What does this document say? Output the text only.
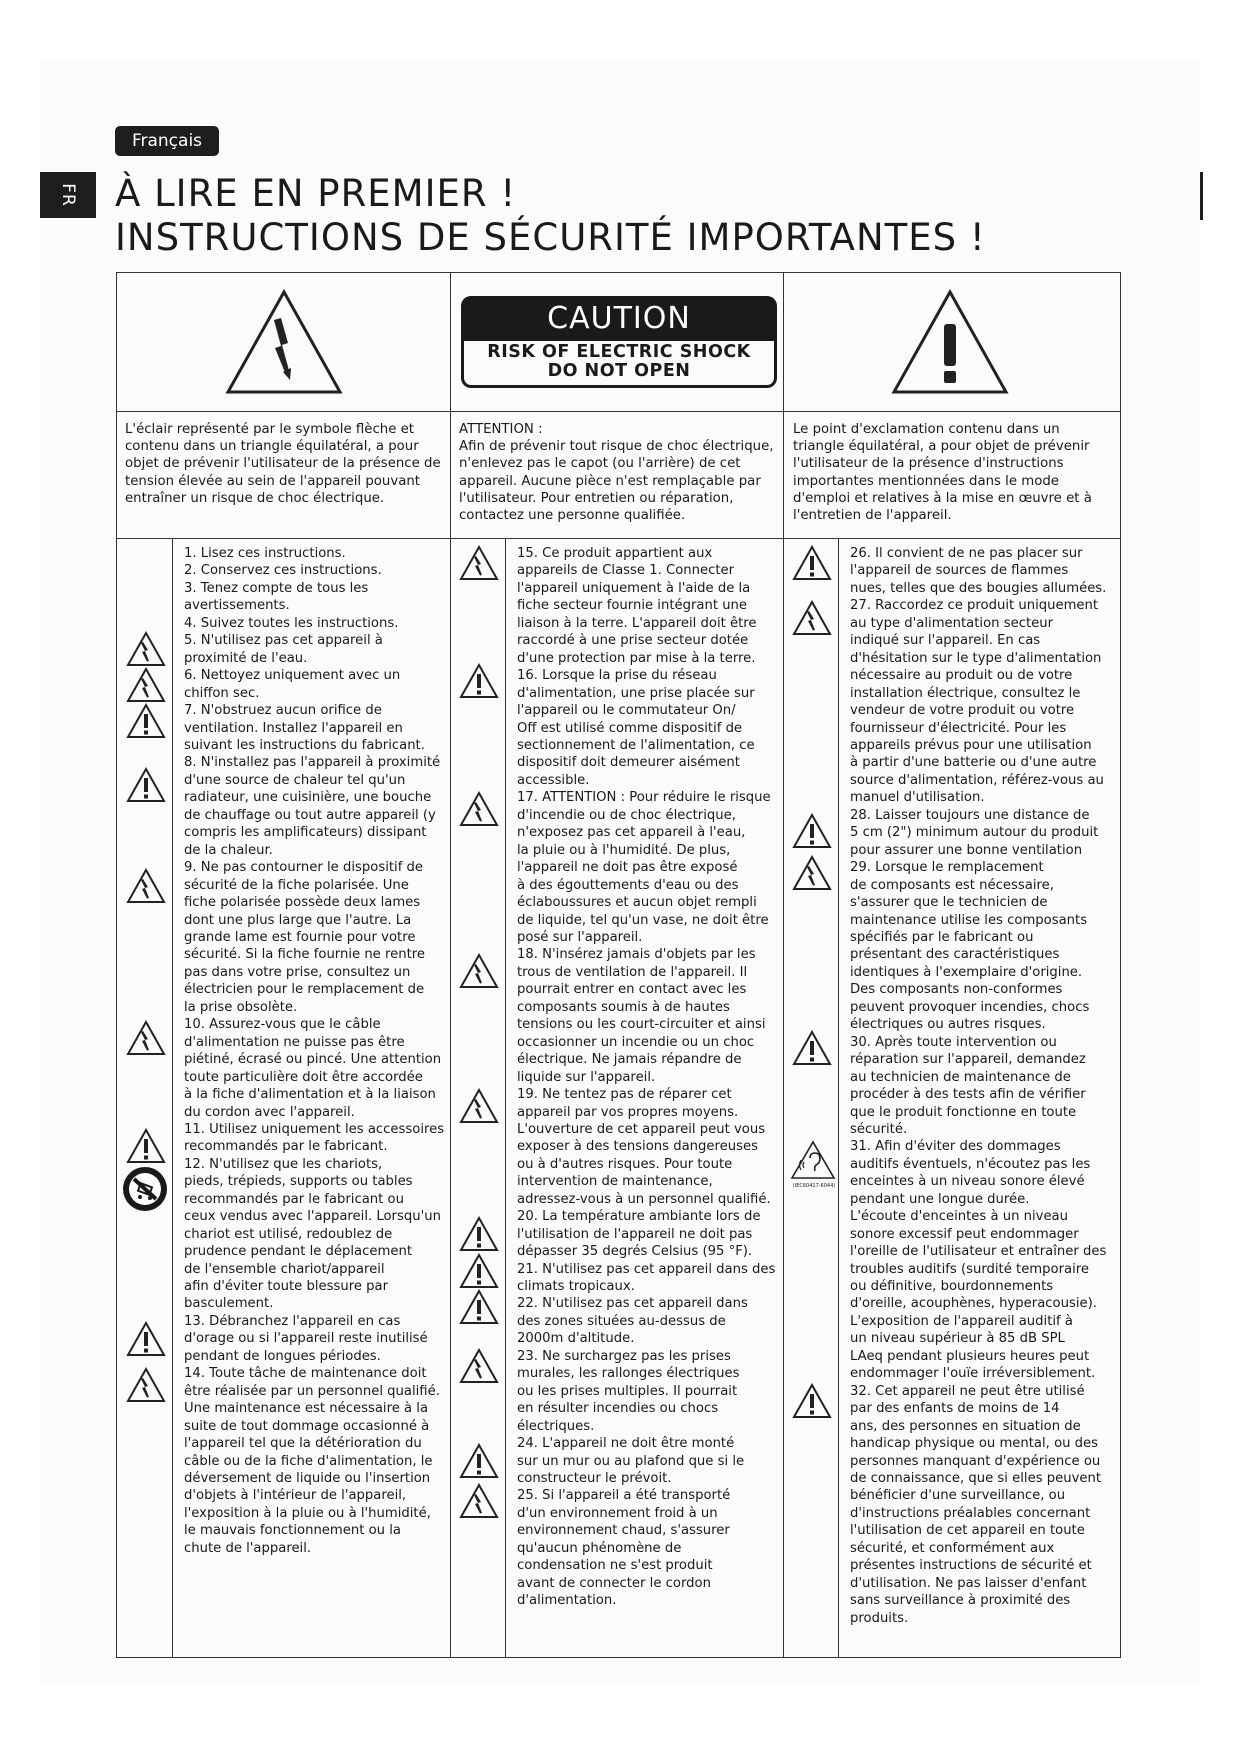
Français
FR À LIRE EN PREMIER !
INSTRUCTIONS DE SÉCURITÉ IMPORTANTES !
CAUTION
RISK OF ELECTRIC SHOCK
DO NOT OPEN
L'éclair représenté par le symbole flèche et contenu dans un triangle équilatéral, a pour objet de prévenir l'utilisateur de la présence de tension élevée au sein de l'appareil pouvant entraîner un risque de choc électrique.
ATTENTION :
Afin de prévenir tout risque de choc électrique, n'enlevez pas le capot (ou l'arrière) de cet appareil. Aucune pièce n'est remplaçable par l'utilisateur. Pour entretien ou réparation, contactez une personne qualifiée.
Le point d'exclamation contenu dans un triangle équilatéral, a pour objet de prévenir l'utilisateur de la présence d'instructions importantes mentionnées dans le mode d'emploi et relatives à la mise en œuvre et à l'entretien de l'appareil.
1. Lisez ces instructions.
2. Conservez ces instructions.
3. Tenez compte de tous les
avertissements.
4. Suivez toutes les instructions.
5. N'utilisez pas cet appareil à
proximité de l'eau.
6. Nettoyez uniquement avec un
chiffon sec.
7. N'obstruez aucun orifice de
ventilation. Installez l'appareil en
suivant les instructions du fabricant.
8. N'installez pas l'appareil à proximité
d'une source de chaleur tel qu'un
radiateur, une cuisinière, une bouche
de chauffage ou tout autre appareil (y
compris les amplificateurs) dissipant
de la chaleur.
9. Ne pas contourner le dispositif de
sécurité de la fiche polarisée. Une
fiche polarisée possède deux lames
dont une plus large que l'autre. La
grande lame est fournie pour votre
sécurité. Si la fiche fournie ne rentre
pas dans votre prise, consultez un
électricien pour le remplacement de
la prise obsolète.
10. Assurez-vous que le câble
d'alimentation ne puisse pas être
piétiné, écrasé ou pincé. Une attention
toute particulière doit être accordée
à la fiche d'alimentation et à la liaison
du cordon avec l'appareil.
11. Utilisez uniquement les accessoires
recommandés par le fabricant.
12. N'utilisez que les chariots,
pieds, trépieds, supports ou tables
recommandés par le fabricant ou
ceux vendus avec l'appareil. Lorsqu'un
chariot est utilisé, redoublez de
prudence pendant le déplacement
de l'ensemble chariot/appareil
afin d'éviter toute blessure par
basculement.
13. Débranchez l'appareil en cas
d'orage ou si l'appareil reste inutilisé
pendant de longues périodes.
14. Toute tâche de maintenance doit
être réalisée par un personnel qualifié.
Une maintenance est nécessaire à la
suite de tout dommage occasionné à
l'appareil tel que la détérioration du
câble ou de la fiche d'alimentation, le
déversement de liquide ou l'insertion
d'objets à l'intérieur de l'appareil,
l'exposition à la pluie ou à l'humidité,
le mauvais fonctionnement ou la
chute de l'appareil.
15. Ce produit appartient aux
appareils de Classe 1. Connecter
l'appareil uniquement à l'aide de la
fiche secteur fournie intégrant une
liaison à la terre. L'appareil doit être
raccordé à une prise secteur dotée
d'une protection par mise à la terre.
16. Lorsque la prise du réseau
d'alimentation, une prise placée sur
l'appareil ou le commutateur On/
Off est utilisé comme dispositif de
sectionnement de l'alimentation, ce
dispositif doit demeurer aisément
accessible.
17. ATTENTION : Pour réduire le risque
d'incendie ou de choc électrique,
n'exposez pas cet appareil à l'eau,
la pluie ou à l'humidité. De plus,
l'appareil ne doit pas être exposé
à des égouttements d'eau ou des
éclaboussures et aucun objet rempli
de liquide, tel qu'un vase, ne doit être
posé sur l'appareil.
18. N'insérez jamais d'objets par les
trous de ventilation de l'appareil. Il
pourrait entrer en contact avec les
composants soumis à de hautes
tensions ou les court-circuiter et ainsi
occasionner un incendie ou un choc
électrique. Ne jamais répandre de
liquide sur l'appareil.
19. Ne tentez pas de réparer cet
appareil par vos propres moyens.
L'ouverture de cet appareil peut vous
exposer à des tensions dangereuses
ou à d'autres risques. Pour toute
intervention de maintenance,
adressez-vous à un personnel qualifié.
20. La température ambiante lors de
l'utilisation de l'appareil ne doit pas
dépasser 35 degrés Celsius (95 °F).
21. N'utilisez pas cet appareil dans des
climats tropicaux.
22. N'utilisez pas cet appareil dans
des zones situées au-dessus de
2000m d'altitude.
23. Ne surchargez pas les prises
murales, les rallonges électriques
ou les prises multiples. Il pourrait
en résulter incendies ou chocs
électriques.
24. L'appareil ne doit être monté
sur un mur ou au plafond que si le
constructeur le prévoit.
25. Si l'appareil a été transporté
d'un environnement froid à un
environnement chaud, s'assurer
qu'aucun phénomène de
condensation ne s'est produit
avant de connecter le cordon
d'alimentation.
26. Il convient de ne pas placer sur
l'appareil de sources de flammes
nues, telles que des bougies allumées.
27. Raccordez ce produit uniquement
au type d'alimentation secteur
indiqué sur l'appareil. En cas
d'hésitation sur le type d'alimentation
nécessaire au produit ou de votre
installation électrique, consultez le
vendeur de votre produit ou votre
fournisseur d'électricité. Pour les
appareils prévus pour une utilisation
à partir d'une batterie ou d'une autre
source d'alimentation, référez-vous au
manuel d'utilisation.
28. Laisser toujours une distance de
5 cm (2") minimum autour du produit
pour assurer une bonne ventilation
29. Lorsque le remplacement
de composants est nécessaire,
s'assurer que le technicien de
maintenance utilise les composants
spécifiés par le fabricant ou
présentant des caractéristiques
identiques à l'exemplaire d'origine.
Des composants non-conformes
peuvent provoquer incendies, chocs
électriques ou autres risques.
30. Après toute intervention ou
réparation sur l'appareil, demandez
au technicien de maintenance de
procéder à des tests afin de vérifier
que le produit fonctionne en toute
sécurité.
31. Afin d'éviter des dommages
auditifs éventuels, n'écoutez pas les
enceintes à un niveau sonore élevé
pendant une longue durée.
L'écoute d'enceintes à un niveau
sonore excessif peut endommager
l'oreille de l'utilisateur et entraîner des
troubles auditifs (surdité temporaire
ou définitive, bourdonnements
d'oreille, acouphènes, hyperacousie).
L'exposition de l'appareil auditif à
un niveau supérieur à 85 dB SPL
LAeq pendant plusieurs heures peut
endommager l'ouïe irréversiblement.
32. Cet appareil ne peut être utilisé
par des enfants de moins de 14
ans, des personnes en situation de
handicap physique ou mental, ou des
personnes manquant d'expérience ou
de connaissance, que si elles peuvent
bénéficier d'une surveillance, ou
d'instructions préalables concernant
l'utilisation de cet appareil en toute
sécurité, et conformément aux
présentes instructions de sécurité et
d'utilisation. Ne pas laisser d'enfant
sans surveillance à proximité des
produits.
(IEC60417-6044)
